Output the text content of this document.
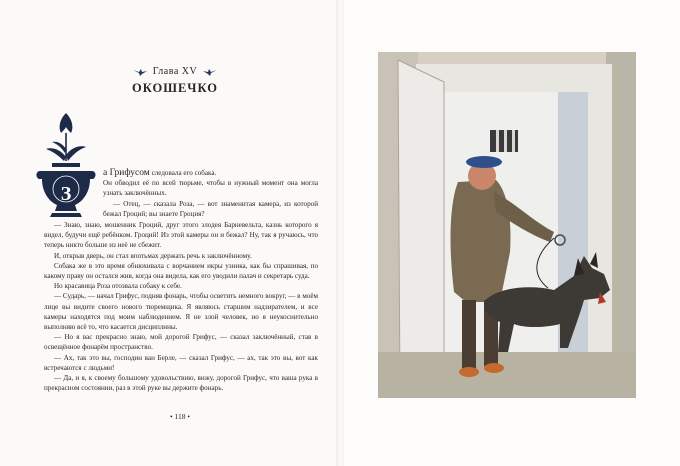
Глава XV
ОКОШЕЧКО
З

а Грифусом следовала его собака.

Он обводил её по всей тюрьме, чтобы в нужный момент она могла узнать заключённых.

— Отец, — сказала Роза, — вот знаменитая камера, из которой бежал Гроций; вы знаете Гроция?

— Знаю, знаю, мошенник Гроций, друг этого злодея Барневельта, казнь которого я видел, будучи ещё ребёнком. Гроций! Из этой камеры он и бежал? Ну, так я ручаюсь, что теперь никто больше из неё не сбежит.

И, открыв дверь, он стал впотьмах держать речь к заключённому.

Собака же в это время обнюхивала с ворчанием икры узника, как бы спрашивая, по какому праву он остался жив, когда она видела, как его уводили палач и секретарь суда.

Но красавица Роза отозвала собаку к себе.

— Сударь, — начал Грифус, подняв фонарь, чтобы осветить немного вокруг, — в моём лице вы видите своего нового тюремщика. Я являюсь старшим надзирателем, и все камеры находятся под моим наблюдением. Я не злой человек, но я неукоснительно выполняю всё то, что касается дисциплины.

— Но я вас прекрасно знаю, мой дорогой Грифус, — сказал заключённый, став в освещённое фонарём пространство.

— Ах, так это вы, господин ван Берле, — сказал Грифус, — ах, так это вы, вот как встречаются с людьми!

— Да, и я, к своему большому удовольствию, вижу, дорогой Грифус, что ваша рука в прекрасном состоянии, раз в этой руке вы держите фонарь.

• 118 •
